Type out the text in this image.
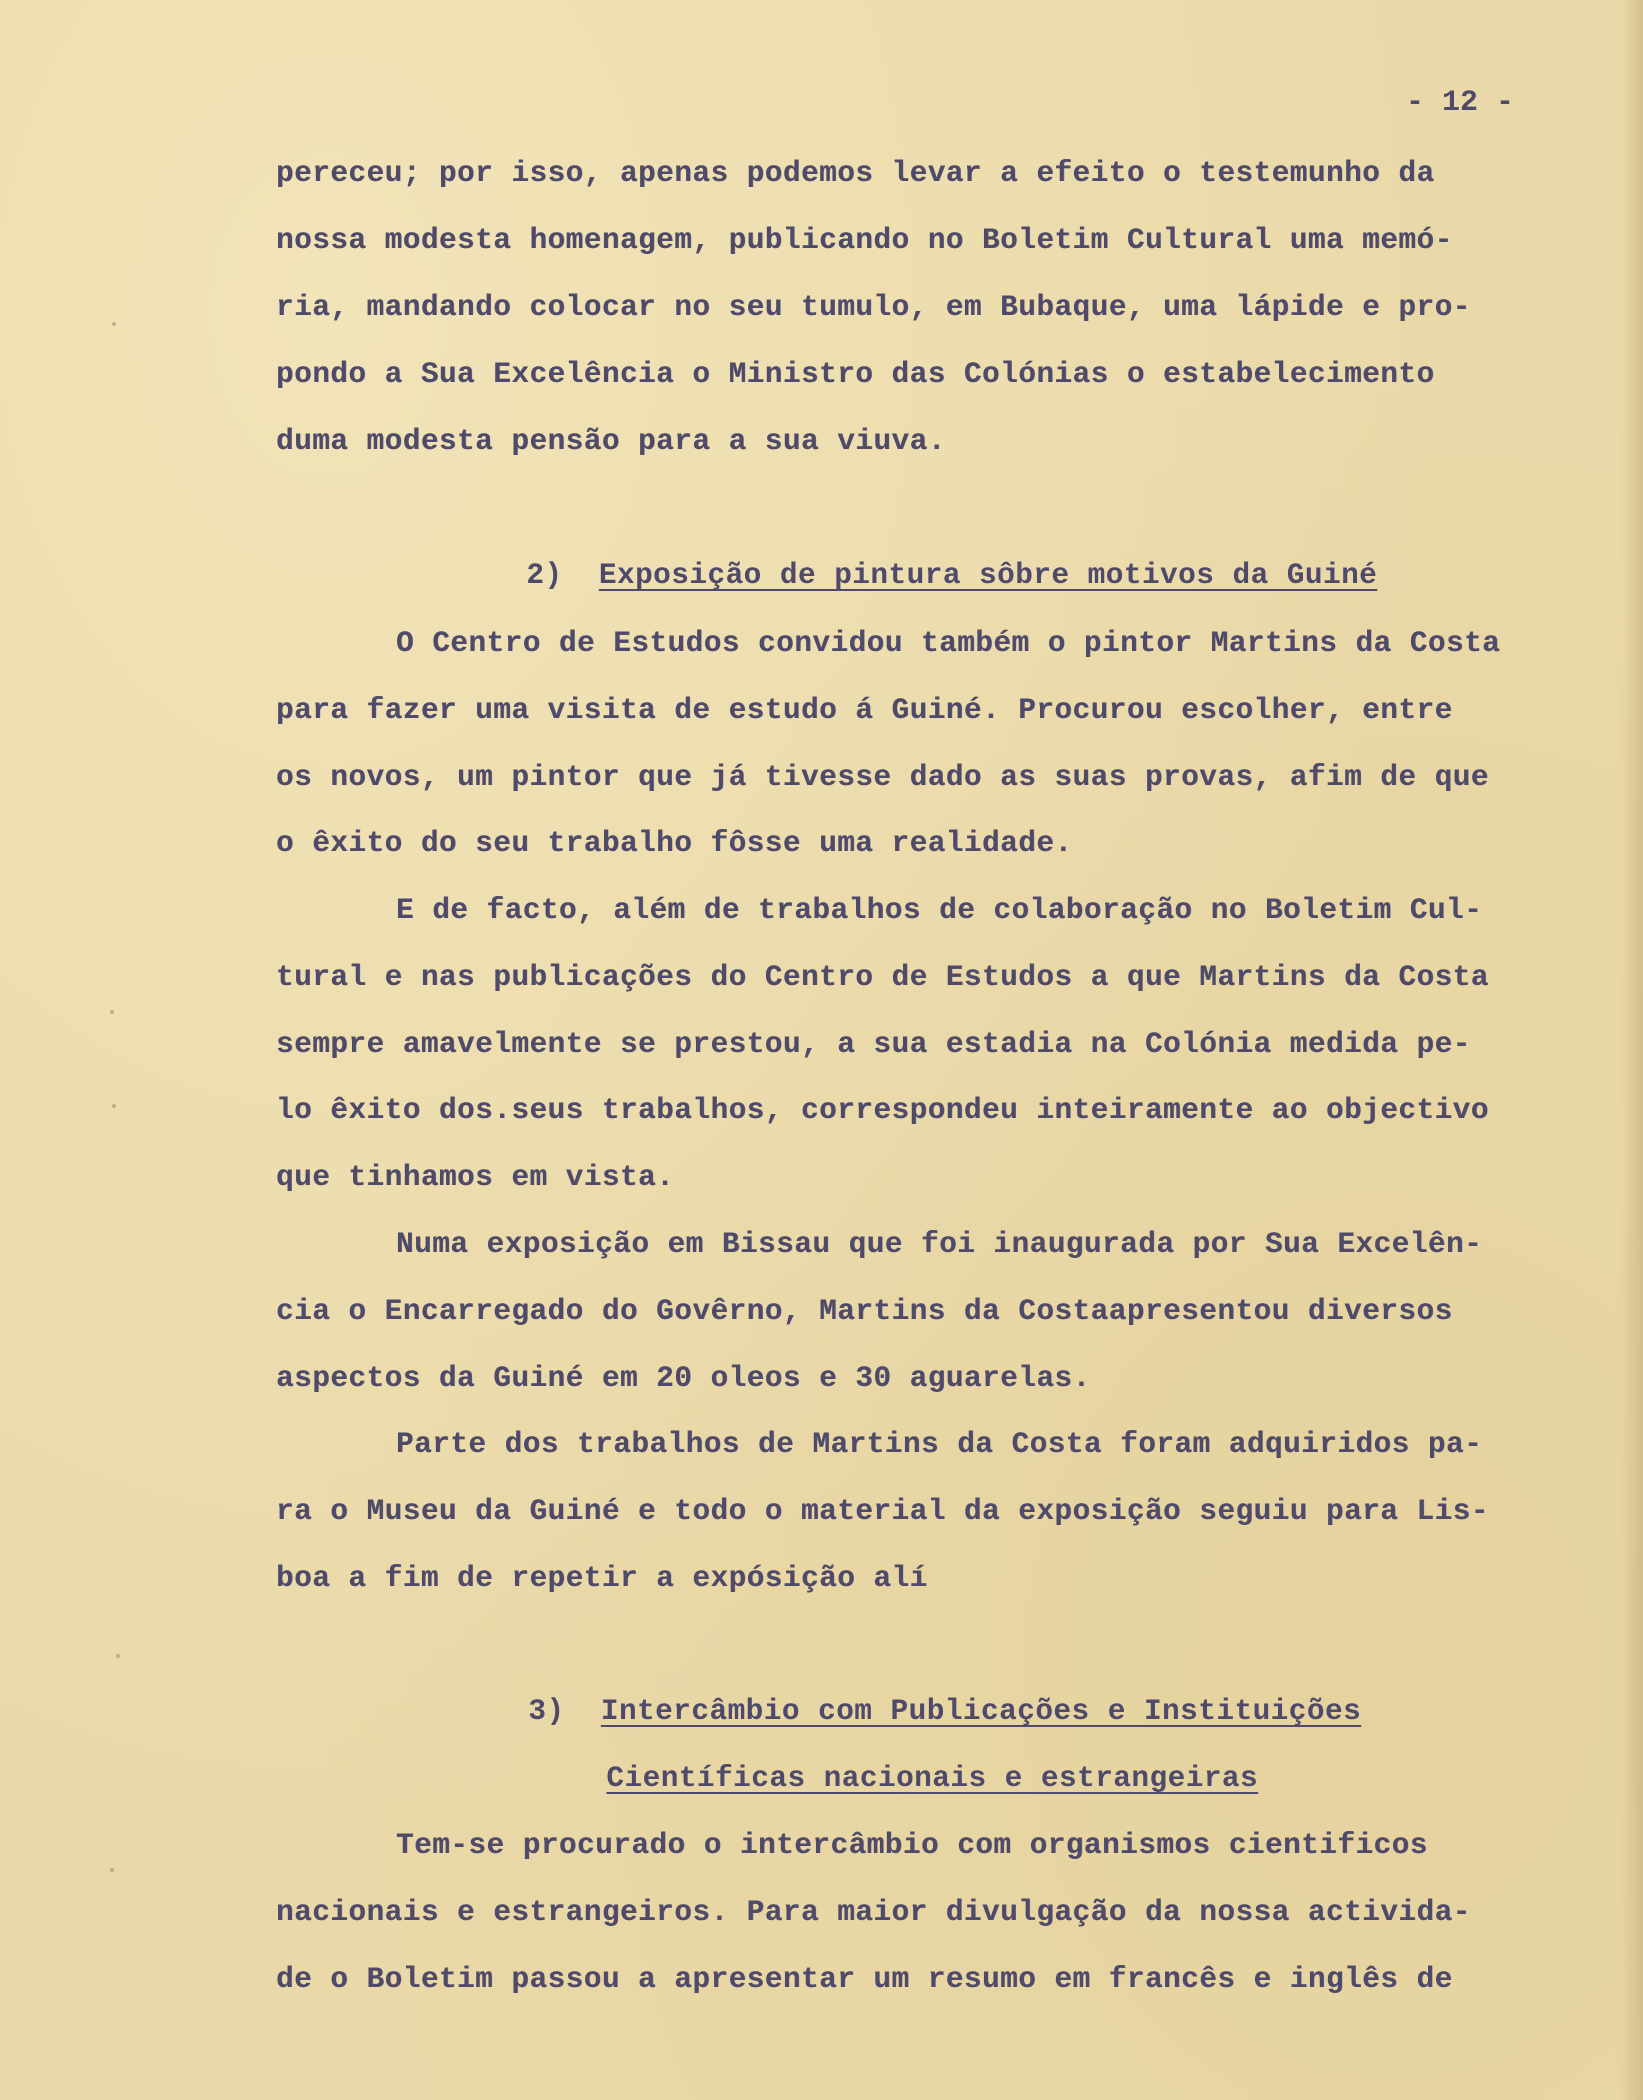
- 12 -
pereceu; por isso, apenas podemos levar a efeito o testemunho da
nossa modesta homenagem, publicando no Boletim Cultural uma memó-
ria, mandando colocar no seu tumulo, em Bubaque, uma lápide e pro-
pondo a Sua Excelência o Ministro das Colónias o estabelecimento
duma modesta pensão para a sua viuva.

2) Exposição de pintura sôbre motivos da Guiné

O Centro de Estudos convidou também o pintor Martins da Costa
para fazer uma visita de estudo á Guiné. Procurou escolher, entre
os novos, um pintor que já tivesse dado as suas provas, afim de que
o êxito do seu trabalho fôsse uma realidade.
E de facto, além de trabalhos de colaboração no Boletim Cul-
tural e nas publicações do Centro de Estudos a que Martins da Costa
sempre amavelmente se prestou, a sua estadia na Colónia medida pe-
lo êxito dos.seus trabalhos, correspondeu inteiramente ao objectivo
que tinhamos em vista.
Numa exposição em Bissau que foi inaugurada por Sua Excelên-
cia o Encarregado do Govêrno, Martins da Costaapresentou diversos
aspectos da Guiné em 20 oleos e 30 aguarelas.
Parte dos trabalhos de Martins da Costa foram adquiridos pa-
ra o Museu da Guiné e todo o material da exposição seguiu para Lis-
boa a fim de repetir a expósição alí

3) Intercâmbio com Publicações e Instituições

Científicas nacionais e estrangeiras

Tem-se procurado o intercâmbio com organismos cientificos
nacionais e estrangeiros. Para maior divulgação da nossa activida-
de o Boletim passou a apresentar um resumo em francês e inglês de
